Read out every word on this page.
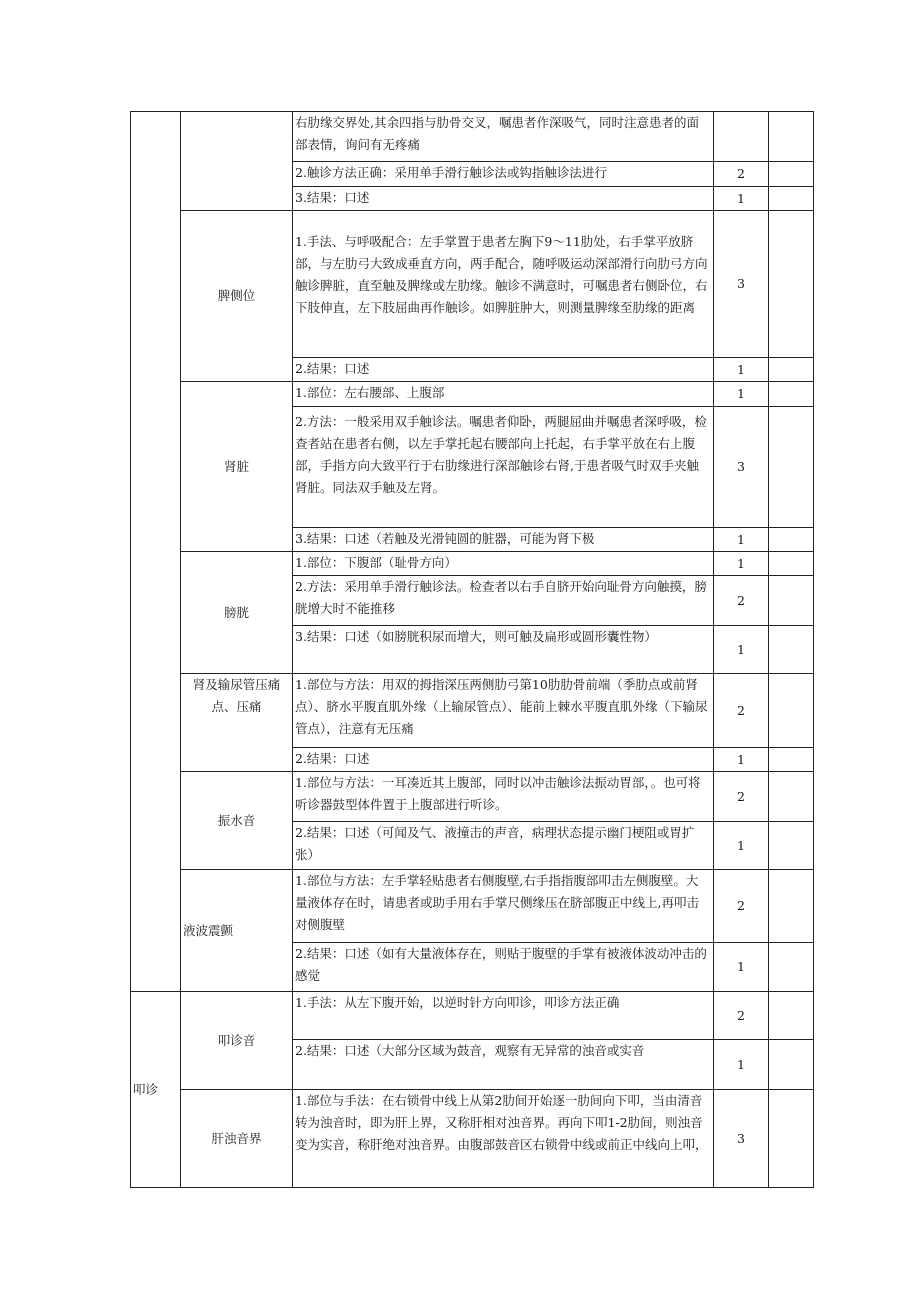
		右肋缘交界处,其余四指与肋骨交叉，嘱患者作深吸气，同时注意患者的面部表情，询问有无疼痛		
		2.触诊方法正确：采用单手滑行触诊法或钩指触诊法进行	2	
		3.结果：口述	1	
	脾侧位	1.手法、与呼吸配合：左手掌置于患者左胸下9～11肋处，右手掌平放脐部，与左肋弓大致成垂直方向，两手配合，随呼吸运动深部滑行向肋弓方向触诊脾脏，直至触及脾缘或左肋缘。触诊不满意时，可嘱患者右侧卧位，右下肢伸直，左下肢屈曲再作触诊。如脾脏肿大，则测量脾缘至肋缘的距离	3	
		2.结果：口述	1	
	肾脏	1.部位：左右腰部、上腹部	1	
		2.方法：一般采用双手触诊法。嘱患者仰卧，两腿屈曲并嘱患者深呼吸，检查者站在患者右侧，以左手掌托起右腰部向上托起，右手掌平放在右上腹部，手指方向大致平行于右肋缘进行深部触诊右肾,于患者吸气时双手夹触肾脏。同法双手触及左肾。	3	
		3.结果：口述（若触及光滑钝圆的脏器，可能为肾下极	1	
	膀胱	1.部位：下腹部（耻骨方向）	1	
		2.方法：采用单手滑行触诊法。检查者以右手自脐开始向耻骨方向触摸，膀胱增大时不能推移	2	
		3.结果：口述（如膀胱积尿而增大，则可触及扁形或圆形囊性物）	1	
	肾及输尿管压痛点、压痛	1.部位与方法：用双的拇指深压两侧肋弓第10肋肋骨前端（季肋点或前肾点）、脐水平腹直肌外缘（上输尿管点）、能前上棘水平腹直肌外缘（下输尿管点），注意有无压痛	2	
		2.结果：口述	1	
	振水音	1.部位与方法：一耳凑近其上腹部，同时以冲击触诊法振动胃部，。也可将听诊器鼓型体件置于上腹部进行听诊。	2	
		2.结果：口述（可闻及气、液撞击的声音，病理状态提示幽门梗阻或胃扩张）	1	
	液波震颤	1.部位与方法：左手掌轻贴患者右侧腹壁,右手指指腹部叩击左侧腹壁。大量液体存在时，请患者或助手用右手掌尺侧缘压在脐部腹正中线上,再叩击对侧腹壁	2	
		2.结果：口述（如有大量液体存在，则贴于腹壁的手掌有被液体波动冲击的感觉	1	
叩诊	叩诊音	1.手法：从左下腹开始，以逆时针方向叩诊，叩诊方法正确	2	
		2.结果：口述（大部分区域为鼓音，观察有无异常的浊音或实音	1	
	肝浊音界	1.部位与手法：在右锁骨中线上从第2肋间开始逐一肋间向下叩，当由清音转为浊音时，即为肝上界，又称肝相对浊音界。再向下叩1-2肋间，则浊音变为实音，称肝绝对浊音界。由腹部鼓音区右锁骨中线或前正中线向上叩，	3	
